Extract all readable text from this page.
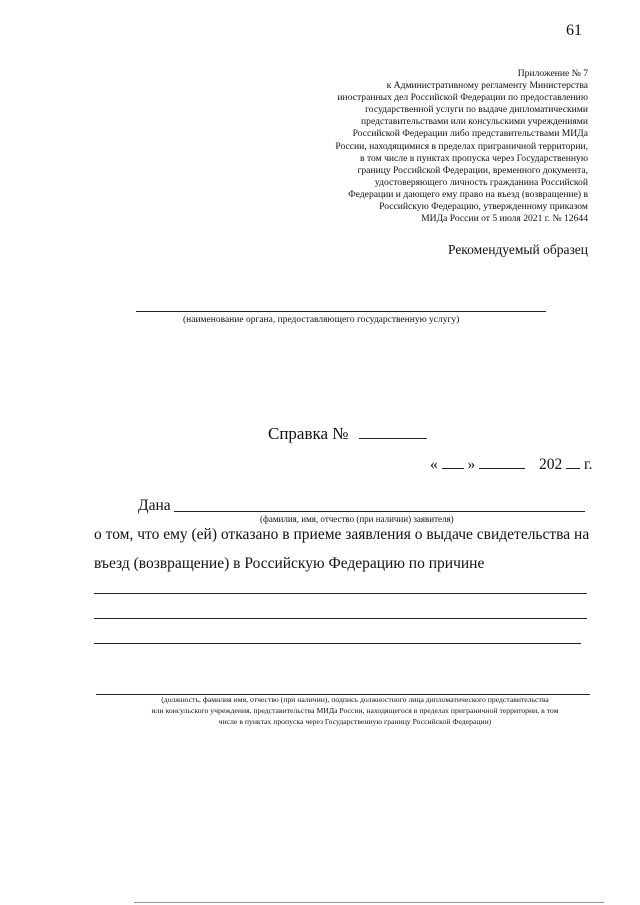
61
Приложение № 7
к Административному регламенту Министерства
иностранных дел Российской Федерации по предоставлению
государственной услуги по выдаче дипломатическими
представительствами или консульскими учреждениями
Российской Федерации либо представительствами МИДа
России, находящимися в пределах приграничной территории,
в том числе в пунктах пропуска через Государственную
границу Российской Федерации, временного документа,
удостоверяющего личность гражданина Российской
Федерации и дающего ему право на въезд (возвращение) в
Российскую Федерацию, утвержденному приказом
МИДа России от 5 июля 2021 г. № 12644
Рекомендуемый образец
(наименование органа, предоставляющего государственную услугу)
Справка №
« »	202 г.
Дана
(фамилия, имя, отчество (при наличии) заявителя)
о том, что ему (ей) отказано в приеме заявления о выдаче свидетельства на
въезд (возвращение) в Российскую Федерацию по причине
(должность, фамилия имя, отчество (при наличии), подпись должностного лица дипломатического представительства
или консульского учреждения, представительства МИДа России, находящегося в пределах приграничной территории, в том
числе в пунктах пропуска через Государственную границу Российской Федерации)
